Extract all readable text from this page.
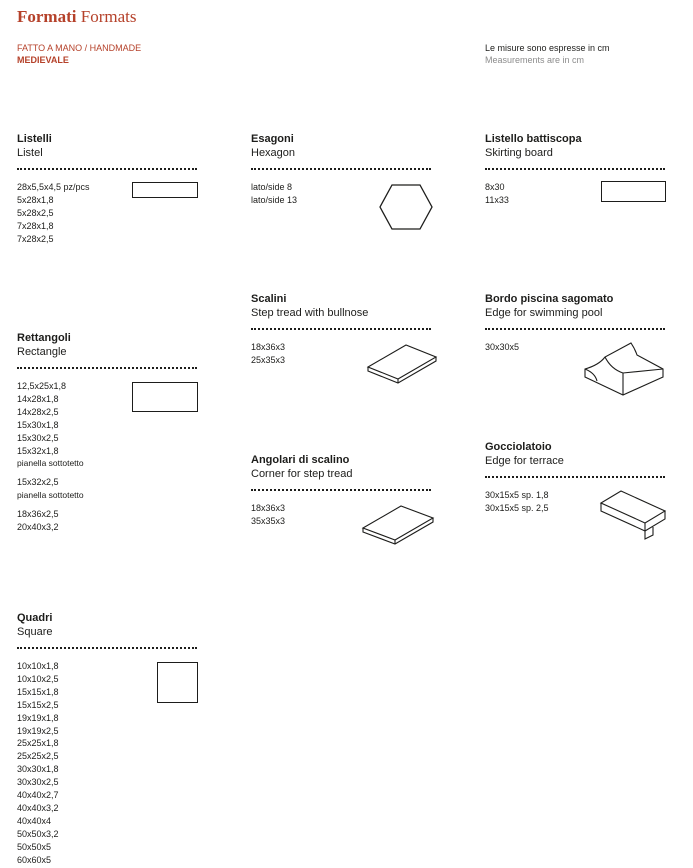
Formati Formats
FATTO A MANO / HANDMADE
MEDIEVALE
Le misure sono espresse in cm
Measurements are in cm
Listelli
Listel
28x5,5x4,5 pz/pcs
5x28x1,8
5x28x2,5
7x28x1,8
7x28x2,5
Esagoni
Hexagon
lato/side 8
lato/side 13
Listello battiscopa
Skirting board
8x30
11x33
Scalini
Step tread with bullnose
18x36x3
25x35x3
Bordo piscina sagomato
Edge for swimming pool
30x30x5
Rettangoli
Rectangle
12,5x25x1,8
14x28x1,8
14x28x2,5
15x30x1,8
15x30x2,5
15x32x1,8
pianella sottotetto
15x32x2,5
pianella sottotetto
18x36x2,5
20x40x3,2
Gocciolatoio
Edge for terrace
30x15x5 sp. 1,8
30x15x5 sp. 2,5
Angolari di scalino
Corner for step tread
18x36x3
35x35x3
Quadri
Square
10x10x1,8
10x10x2,5
15x15x1,8
15x15x2,5
19x19x1,8
19x19x2,5
25x25x1,8
25x25x2,5
30x30x1,8
30x30x2,5
40x40x2,7
40x40x3,2
40x40x4
50x50x3,2
50x50x5
60x60x5
